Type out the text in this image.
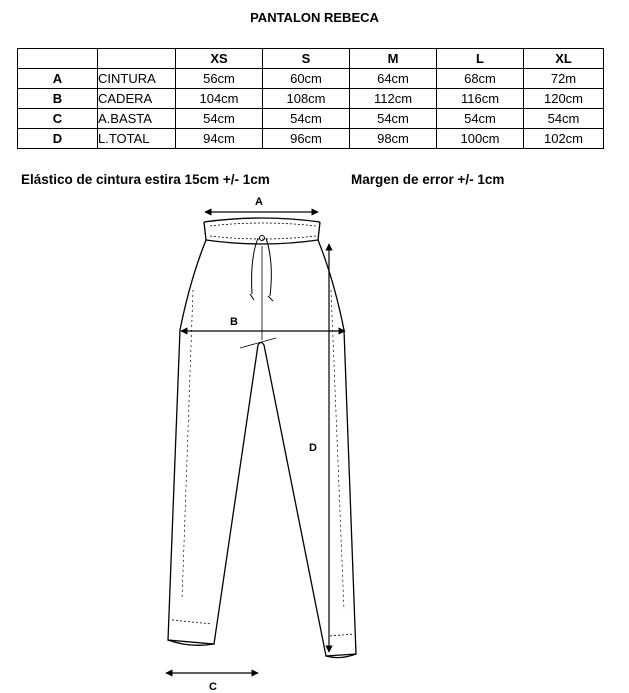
PANTALON REBECA
		XS	S	M	L	XL
A	CINTURA	56cm	60cm	64cm	68cm	72m
B	CADERA	104cm	108cm	112cm	116cm	120cm
C	A.BASTA	54cm	54cm	54cm	54cm	54cm
D	L.TOTAL	94cm	96cm	98cm	100cm	102cm
Elástico de cintura estira 15cm +/- 1cm	Margen de error +/- 1cm
A
B
C
D
